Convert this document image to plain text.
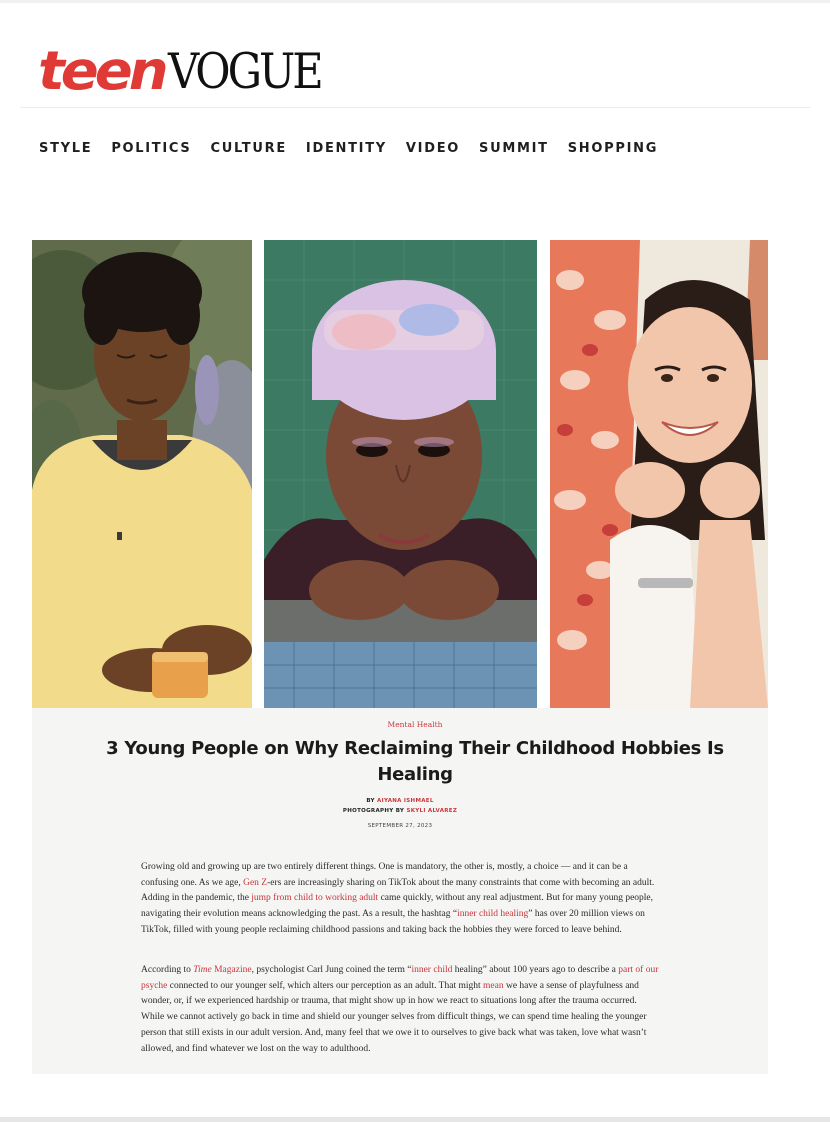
teen VOGUE
STYLE POLITICS CULTURE IDENTITY VIDEO SUMMIT SHOPPING
Mental Health
3 Young People on Why Reclaiming Their Childhood Hobbies Is Healing
BY AIYANA ISHMAEL
PHOTOGRAPHY BY SKYLI ALVAREZ
SEPTEMBER 27, 2023

Growing old and growing up are two entirely different things. One is mandatory, the other is, mostly, a choice — and it can be a confusing one. As we age, Gen Z-ers are increasingly sharing on TikTok about the many constraints that come with becoming an adult. Adding in the pandemic, the jump from child to working adult came quickly, without any real adjustment. But for many young people, navigating their evolution means acknowledging the past. As a result, the hashtag “inner child healing” has over 20 million views on TikTok, filled with young people reclaiming childhood passions and taking back the hobbies they were forced to leave behind.

According to Time Magazine, psychologist Carl Jung coined the term “inner child healing” about 100 years ago to describe a part of our psyche connected to our younger self, which alters our perception as an adult. That might mean we have a sense of playfulness and wonder, or, if we experienced hardship or trauma, that might show up in how we react to situations long after the trauma occurred. While we cannot actively go back in time and shield our younger selves from difficult things, we can spend time healing the younger person that still exists in our adult version. And, many feel that we owe it to ourselves to give back what was taken, love what wasn’t allowed, and find whatever we lost on the way to adulthood.
